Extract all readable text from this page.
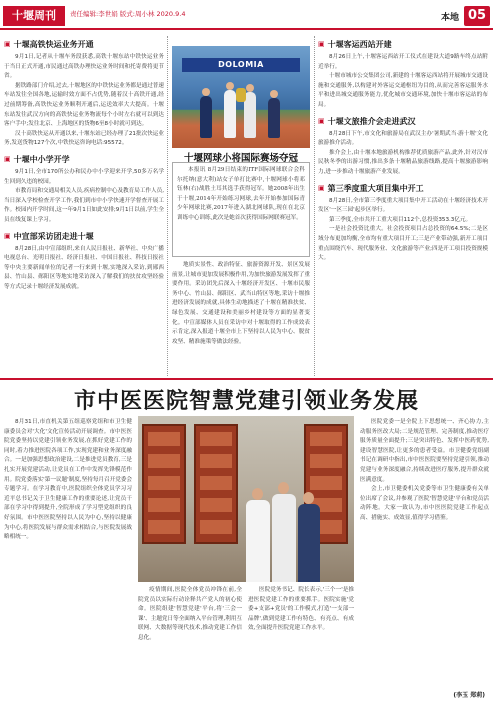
十堰周刊	责任编辑:李世娟 版式:周小林 2020.9.4	本地 05
▣ 十堰高铁快运业务开通

9月1日,记者从十堰车务段获悉,高铁十堰东站中铁快运业务于当日正式开通,市民通过高铁办理快运业务时间和托寄费将更节省。

据铁路部门介绍,过去,十堰地区的中铁快运业务都是通过普速车站发往全国各地,运输时效方面不占优势,随着汉十高铁开通,经过前期筹备,高铁快运业务顺利开通后,运送效率大大提高。十堰东站发往武汉方向的高铁快运业务物流每个小时左右就可以到达客户手中;发往北京、上海地区的货物6至8小时就可到达。

汉十高铁快运从开通以来,十堰东站已经办理了21批次快运业务,发送货物127个次,中铁快运咨询电话:95572。

▣ 十堰中小学开学

9月1日,全市170所公办和民办中小学迎来开学,50多万名学生回到久违的校园。

市教育局和交通局相关人员,疾病控制中心及教育局工作人员,当日深入学校检查开学工作,我们到市中小学快速开学督查开展工作。校园内开学时间,这一年9月1日如此安排;9月1日以前,学生全员在线复课上学习。

▣ 中宣部采访团走进十堰

8月28日,由中宣部组织,来自人民日报社、新华社、中央广播电视总台、光明日报社、经济日报社、中国日报社、科技日报社等中央主要新闻单位的记者一行来到十堰,实地深入采访,到郧西县、竹山县、郧阳区等地实地采访深入了解我们的扶贫攻坚经验等方式记录十堰经济发展成就。

DOLOMIA
十堰网球小将国际赛场夺冠
本报讯 8月29日结束的ITF国际网球联合会科尔托纳(意大利)站女子单打比赛中,十堰网球小将邓钰林(右)战胜土耳其选手获得冠军。她2008年出生于十堰,2014年开始练习网球,去年开始参加国际青少年网球比赛,2017年进入湖北网球队,现在在北京训练中心训练,此次是她首次获得国际网联赛冠军。

地质实景性、政治特征、旅游资源开发、景区发展前景,让城市更加发展积极作用,为加快旅游发展发挥了重要作用。采访团先后深入十堰经济开发区、十堰市民服务中心、竹山县、郧阳区、武当山特区等地,采访十堰推进经济发展的成就,具体生动地描述了十堰在精准扶贫、绿色发展、交通建设和美丽乡村建设等方面的显著变化。中宣部媒体人员在采访中对十堰取得的工作成效表示肯定,深入报道十堰全市上下坚持以人民为中心、脱贫攻坚、精准施策等做法经验。

▣ 十堰客运西站开建

8月26日上午,十堰客运西站开工仪式在建设大道9路车终点站附近举行。

十堰市城市公交集团公司,新建的十堰客运西站将开展城市交通设施和交通服务,以构建对外客运交通枢纽为目的,从而完善客运服务水平和进出城交通服务能力,优化城市交通环境,加快十堰市客运站的布局。

▣ 十堰文旅推介会走进武汉

8月28日下午,市文化和旅游局在武汉主办'暑期武当·游十堰'文化旅游推介活动。

推介会上,由十堰本地旅游机构推荐优质旅游产品,此外,针对汉市民秋冬季的出游习惯,推出多条十堰精品旅游线路,提高十堰旅游影响力,进一步推动十堰旅游产业发展。

▣ 第三季度重大项目集中开工

8月28日,全市第三季度重大项目集中开工活动在十堰经济技术开发区'一区三园'起步区举行。

第三季度,全市共开工重大项目112个,总投资353.3亿元。

一是社会投资比重大。社会投资项目占总投资的64.5%;二是区域分布更加均衡,全市均有重大项目开工;三是产业带动强,新开工项目重点围绕汽车、现代服务业、文化旅游等产业;四是开工项目投资规模大。

市中医医院智慧党建引领业务发展

8月31日,市直机关第五组巡察党组和市卫生健康委员会对'大化'文化宣传活动开展调查。市中医医院党委坚持以党建引领业务发展,在抓好党建工作的同时,着力推进医院各项工作,实现党建和业务深度融合。一是加强思想政治建设,二是推进党员教育,三是扎实开展党建活动,让党员在工作中发挥先锋模范作用。院党委落实'第一议题'制度,坚持每月召开党委会专题学习。在学习教育中,医院组织全体党员学习习近平总书记关于卫生健康工作的重要论述,让党员干部在学习中得到提升,全院形成了学习型党组织的良好氛围。市中医医院坚持以人民为中心,坚持以健康为中心,将医院发展与群众需求相结合,与医院发展战略相统一。

疫情期间,医院全体党员冲锋在前,全院党员以实际行动诠释共产党人的初心使命。医院组建'智慧党建'平台,将'三会一课'、主题党日等全面纳入平台管理,利用互联网、大数据等现代技术,推动党建工作信息化。

医院党务书记、院长表示,'三个一'是推进医院党建工作的重要抓手。医院实施'党委+支部+党员'的工作模式,打造'一支部一品牌',做到党建工作有特色、有亮点、有成效,全面提升医院党建工作水平。

医院党委一是全院上下思想统一、齐心协力,主动服务医改大局;二是规范管理、完善制度,推动医疗服务质量全面提升;三是突出特色、发挥中医药优势,建设智慧医院,让更多的患者受益。市卫健委党组副书记在调研中指出,市中医医院要坚持党建引领,推动党建与业务深度融合,持续改进医疗服务,提升群众就医满意度。

会上,市卫健委机关党委等市卫生健康委有关单位出席了会议,并参观了医院'智慧党建'平台和党员活动阵地。大家一致认为,市中医医院党建工作起点高、措施实、成效显,值得学习借鉴。

(李玉 郑莉)
